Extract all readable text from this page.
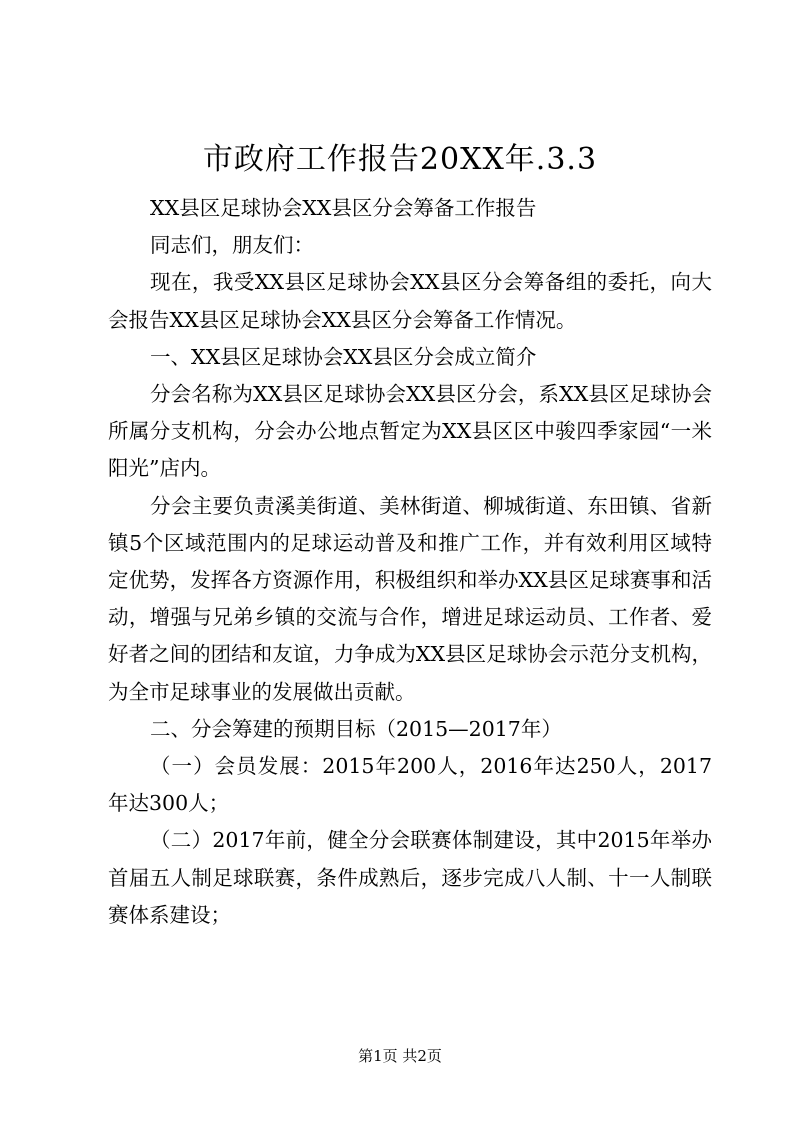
市政府工作报告20XX年.3.3

XX县区足球协会XX县区分会筹备工作报告

同志们，朋友们：

现在，我受XX县区足球协会XX县区分会筹备组的委托，向大会报告XX县区足球协会XX县区分会筹备工作情况。

一、XX县区足球协会XX县区分会成立简介

分会名称为XX县区足球协会XX县区分会，系XX县区足球协会所属分支机构，分会办公地点暂定为XX县区区中骏四季家园“一米阳光”店内。

分会主要负责溪美街道、美林街道、柳城街道、东田镇、省新镇5个区域范围内的足球运动普及和推广工作，并有效利用区域特定优势，发挥各方资源作用，积极组织和举办XX县区足球赛事和活动，增强与兄弟乡镇的交流与合作，增进足球运动员、工作者、爱好者之间的团结和友谊，力争成为XX县区足球协会示范分支机构，为全市足球事业的发展做出贡献。

二、分会筹建的预期目标（2015—2017年）

（一）会员发展：2015年200人，2016年达250人，2017年达300人；

（二）2017年前，健全分会联赛体制建设，其中2015年举办首届五人制足球联赛，条件成熟后，逐步完成八人制、十一人制联赛体系建设；

第1页 共2页
